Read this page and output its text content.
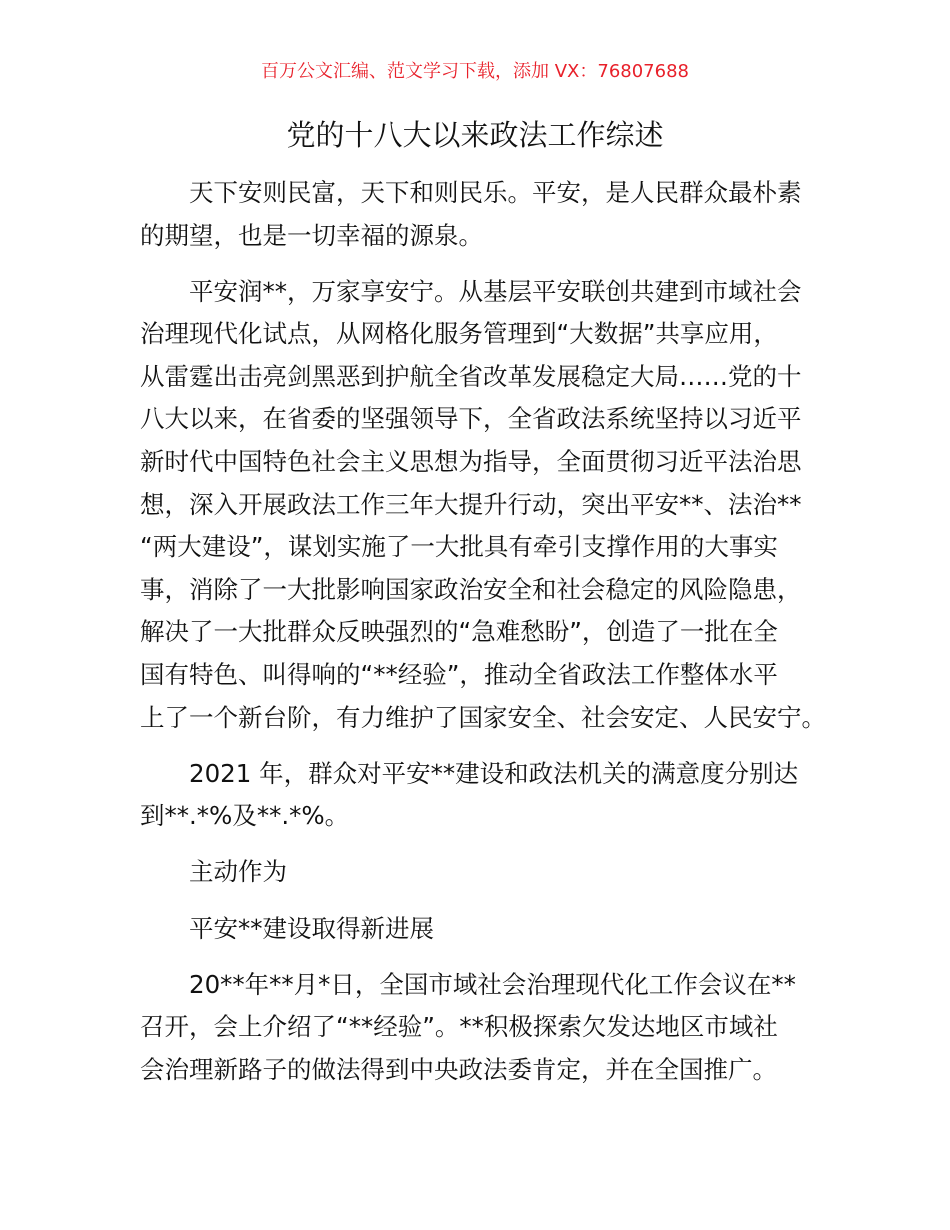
百万公文汇编、范文学习下载，添加 VX：76807688
党的十八大以来政法工作综述
天下安则民富，天下和则民乐。平安，是人民群众最朴素
的期望，也是一切幸福的源泉。
平安润**，万家享安宁。从基层平安联创共建到市域社会
治理现代化试点，从网格化服务管理到“大数据”共享应用，
从雷霆出击亮剑黑恶到护航全省改革发展稳定大局……党的十
八大以来，在省委的坚强领导下，全省政法系统坚持以习近平
新时代中国特色社会主义思想为指导，全面贯彻习近平法治思
想，深入开展政法工作三年大提升行动，突出平安**、法治**
“两大建设”，谋划实施了一大批具有牵引支撑作用的大事实
事，消除了一大批影响国家政治安全和社会稳定的风险隐患，
解决了一大批群众反映强烈的“急难愁盼”，创造了一批在全
国有特色、叫得响的“**经验”，推动全省政法工作整体水平
上了一个新台阶，有力维护了国家安全、社会安定、人民安宁。
2021 年，群众对平安**建设和政法机关的满意度分别达
到**.*%及**.*%。
主动作为
平安**建设取得新进展
20**年**月*日，全国市域社会治理现代化工作会议在**
召开，会上介绍了“**经验”。**积极探索欠发达地区市域社
会治理新路子的做法得到中央政法委肯定，并在全国推广。
